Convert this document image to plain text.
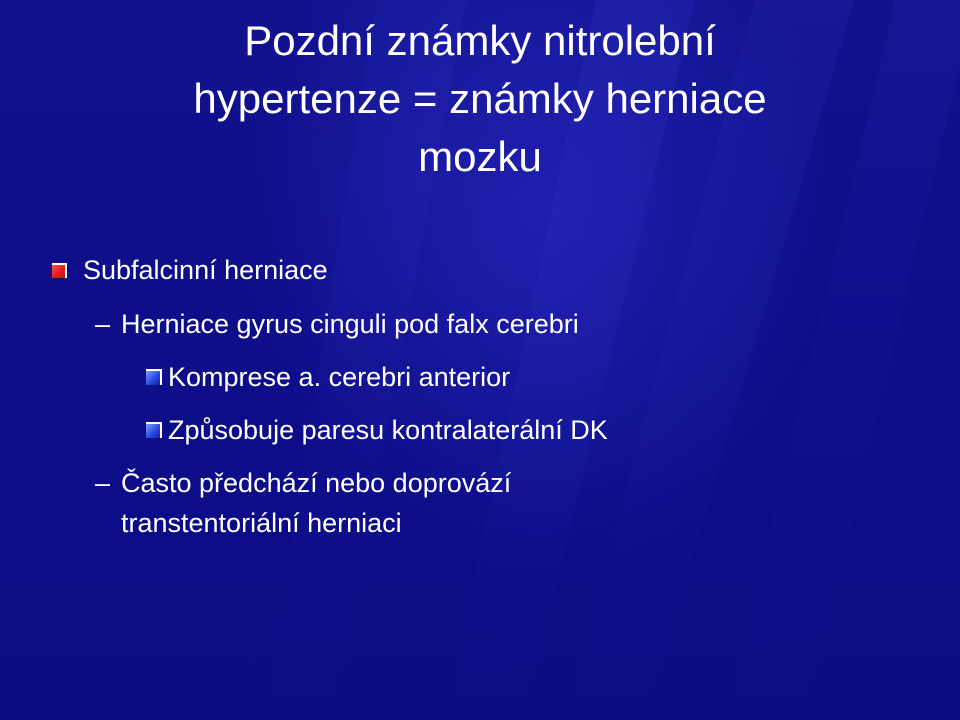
Pozdní známky nitrolební
hypertenze = známky herniace
mozku
Subfalcinní herniace
– Herniace gyrus cinguli pod falx cerebri
Komprese a. cerebri anterior
Způsobuje paresu kontralaterální DK
– Často předchází nebo doprovází
transtentoriální herniaci
